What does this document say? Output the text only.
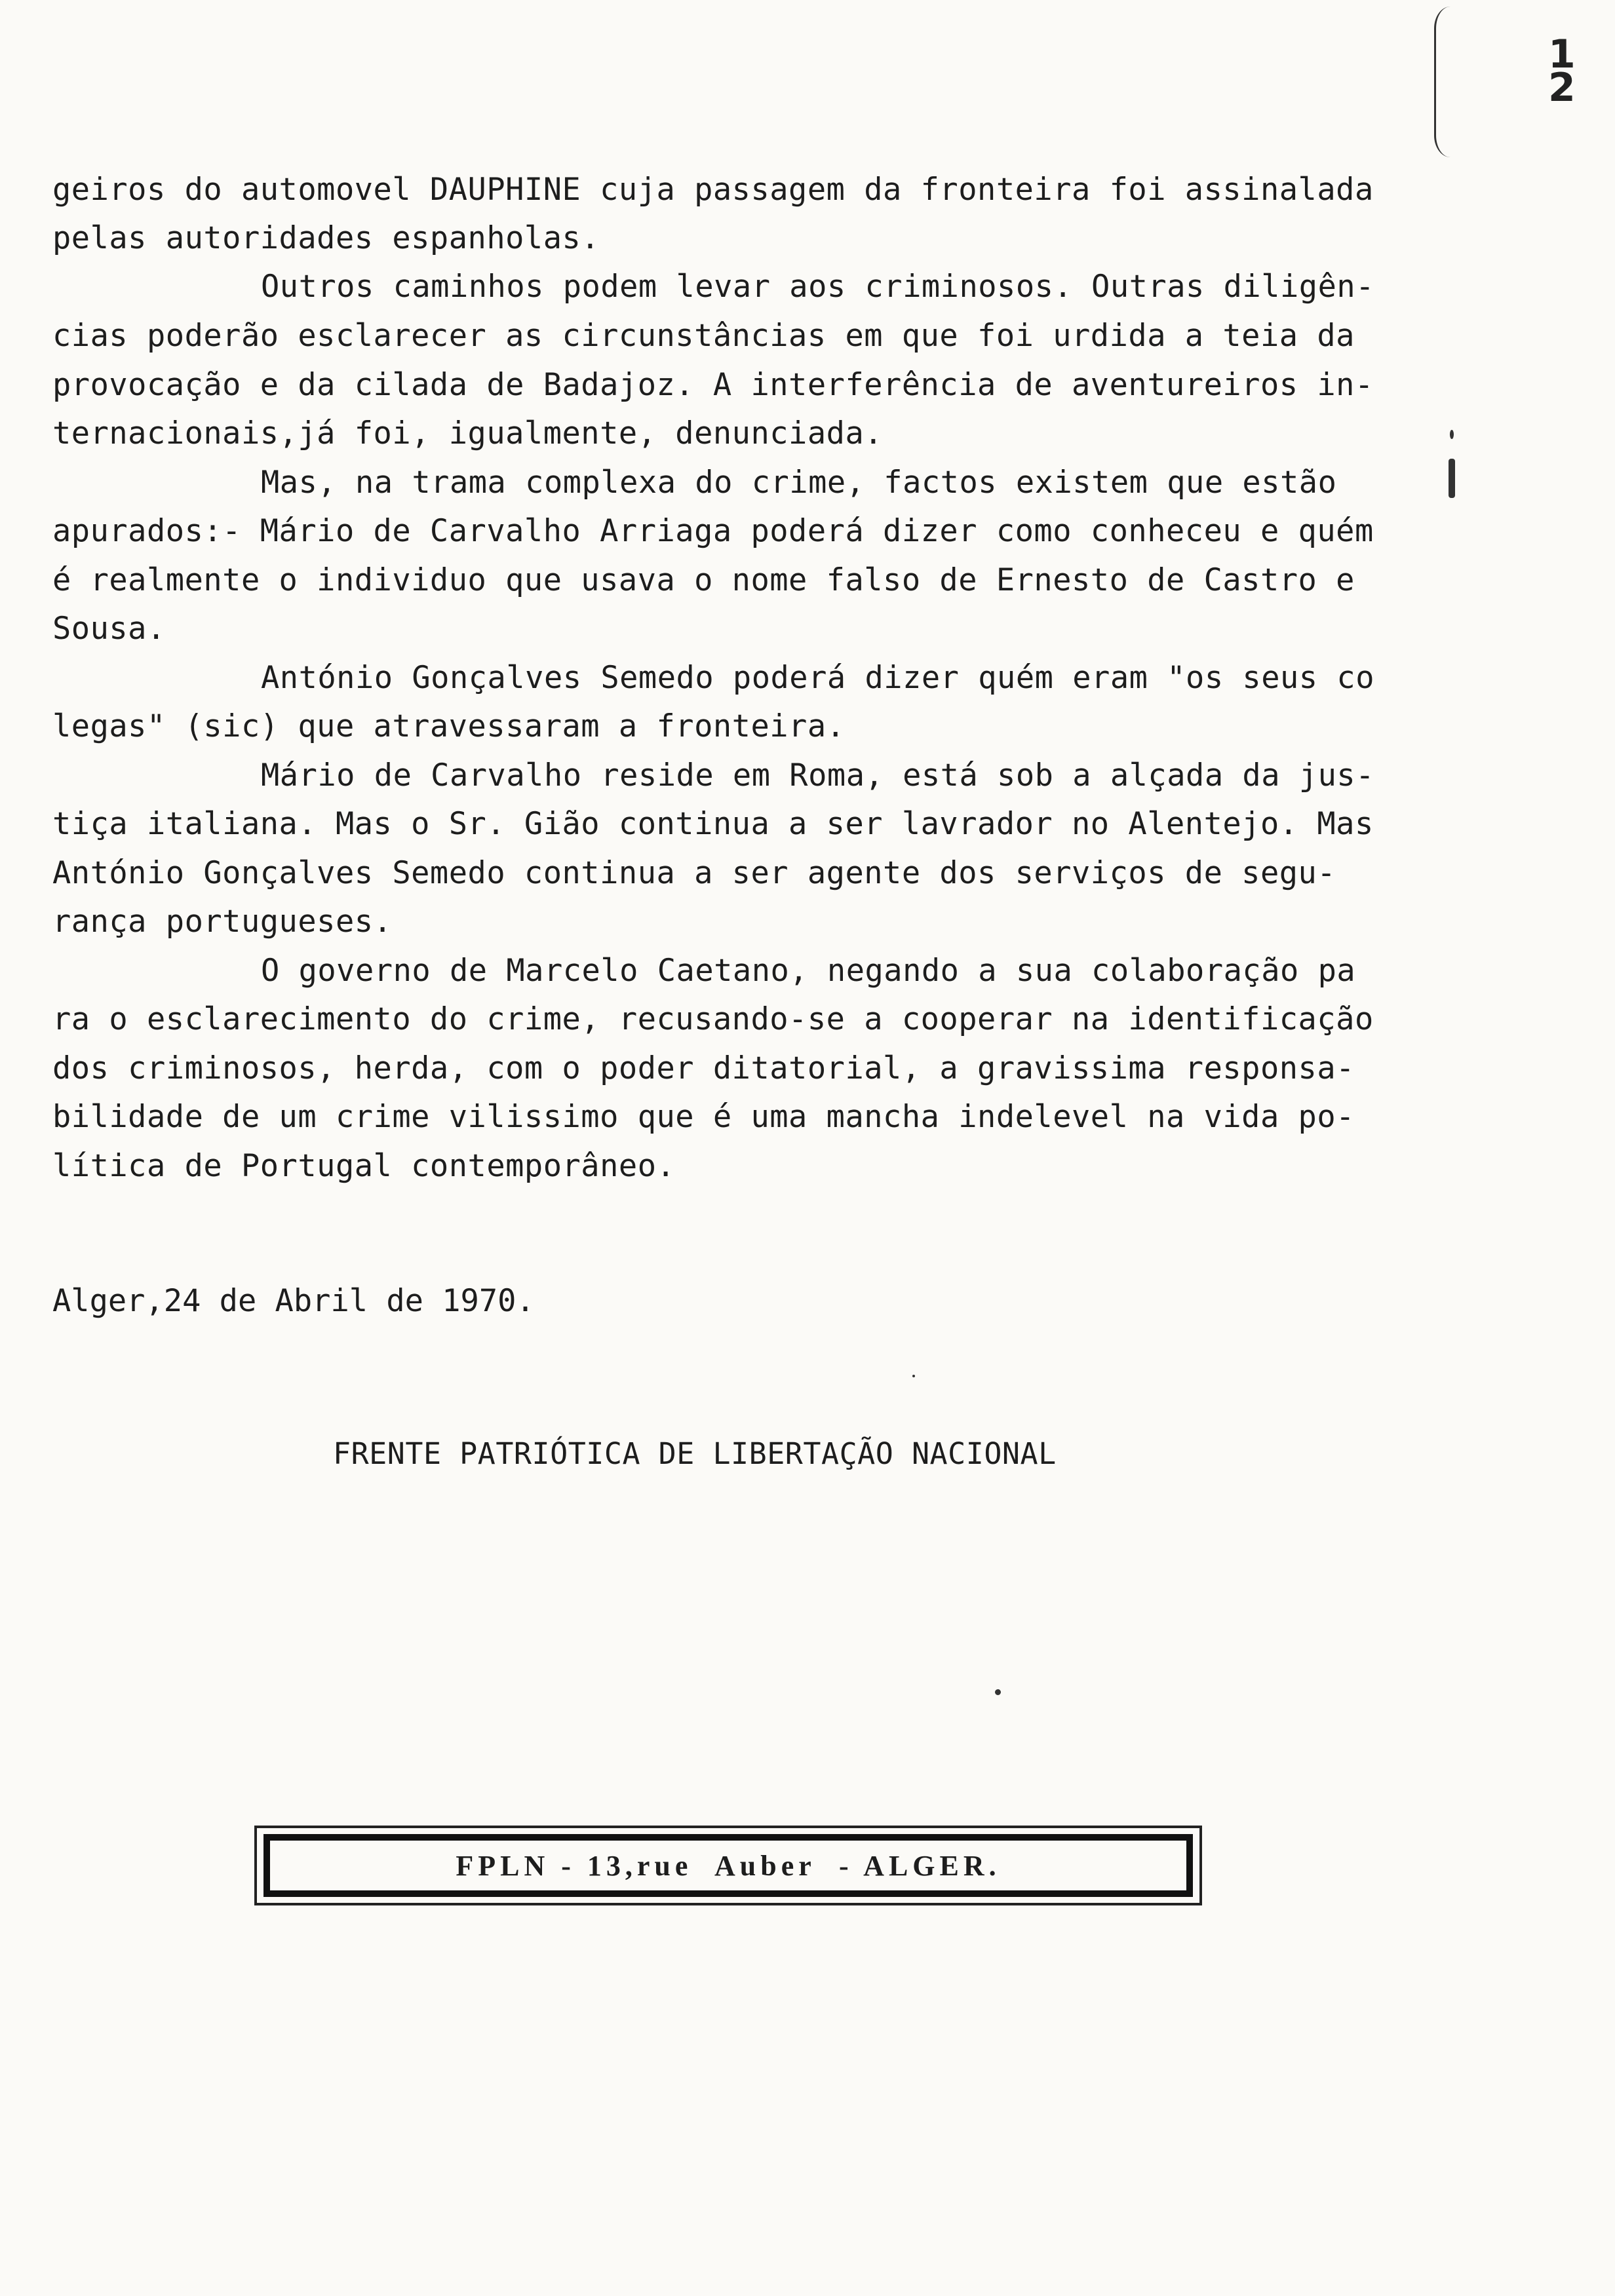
1 2

geiros do automovel DAUPHINE cuja passagem da fronteira foi assinalada

pelas autoridades espanholas.

Outros caminhos podem levar aos criminosos. Outras diligên-

cias poderão esclarecer as circunstâncias em que foi urdida a teia da

provocação e da cilada de Badajoz. A interferência de aventureiros in-

ternacionais,já foi, igualmente, denunciada.

Mas, na trama complexa do crime, factos existem que estão

apurados:- Mário de Carvalho Arriaga poderá dizer como conheceu e quém

é realmente o individuo que usava o nome falso de Ernesto de Castro e

Sousa.

António Gonçalves Semedo poderá dizer quém eram "os seus co

legas" (sic) que atravessaram a fronteira.

Mário de Carvalho reside em Roma, está sob a alçada da jus-

tiça italiana. Mas o Sr. Gião continua a ser lavrador no Alentejo. Mas

António Gonçalves Semedo continua a ser agente dos serviços de segu-

rança portugueses.

O governo de Marcelo Caetano, negando a sua colaboração pa

ra o esclarecimento do crime, recusando-se a cooperar na identificação

dos criminosos, herda, com o poder ditatorial, a gravissima responsa-

bilidade de um crime vilissimo que é uma mancha indelevel na vida po-

lítica de Portugal contemporâneo.

Alger,24 de Abril de 1970.
FRENTE PATRIÓTICA DE LIBERTAÇÃO NACIONAL
FPLN - 13,rue  Auber  - ALGER.
